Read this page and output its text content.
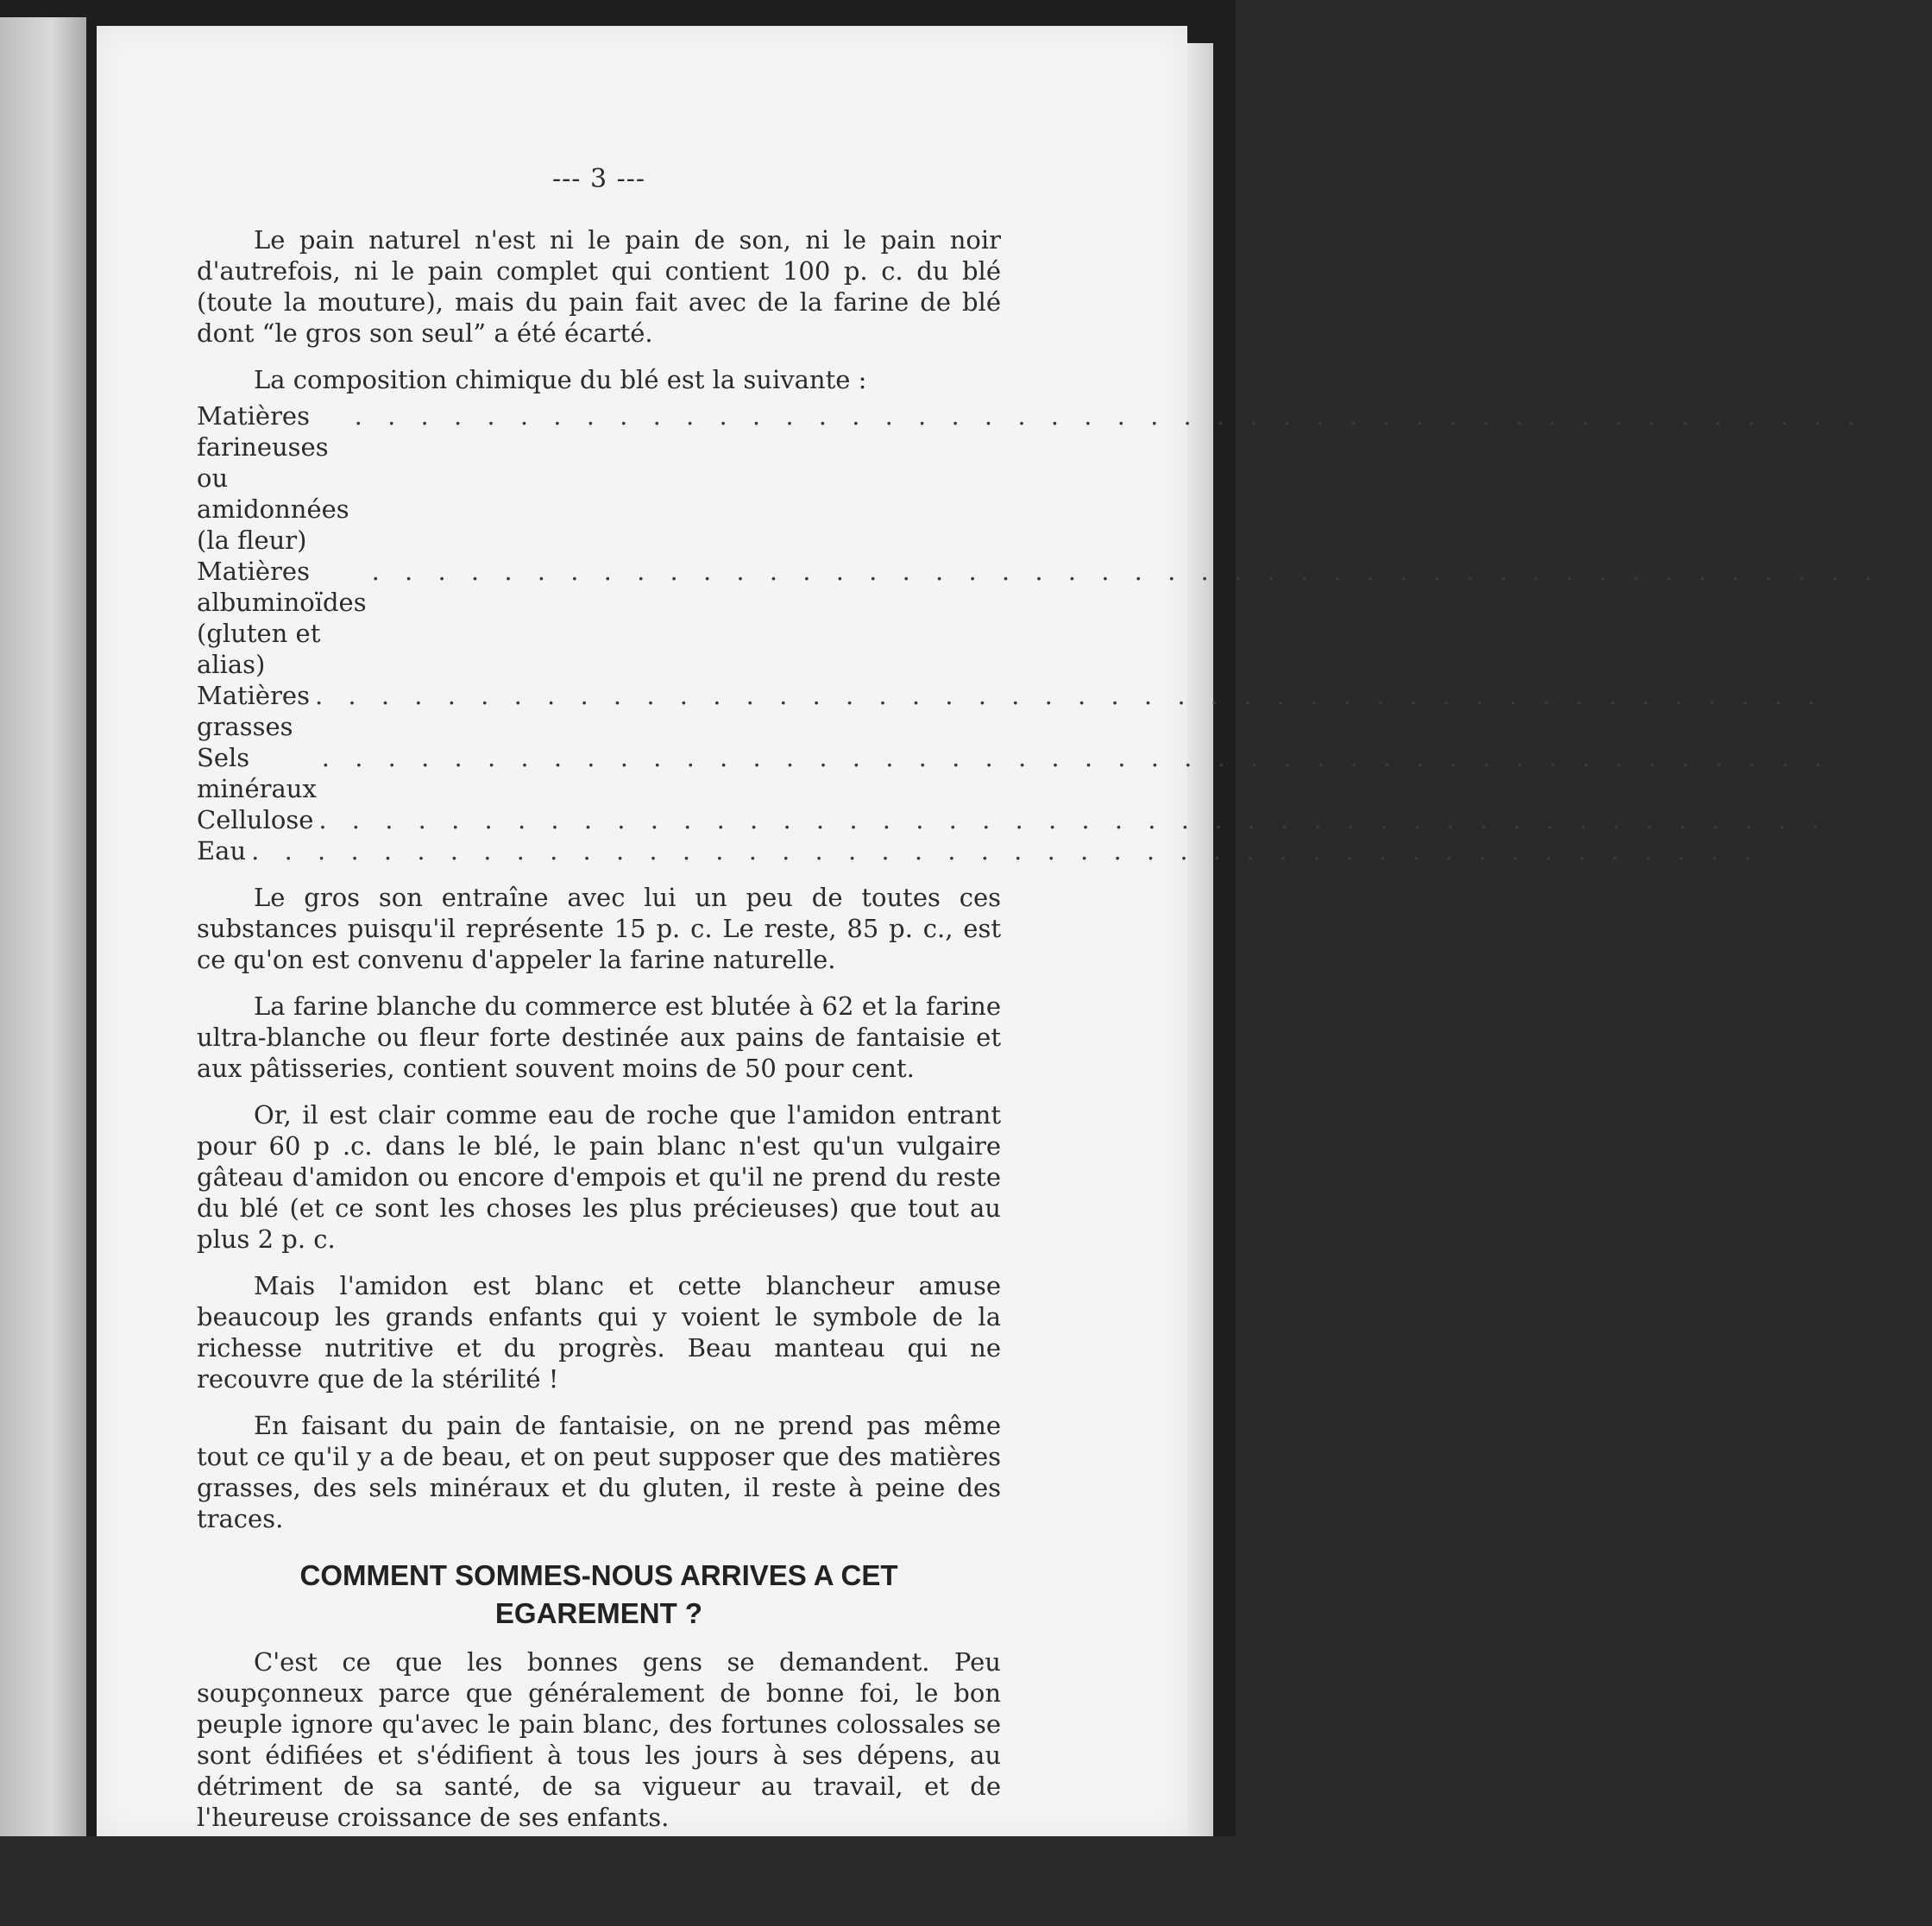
--- 3 ---

Le pain naturel n'est ni le pain de son, ni le pain noir d'autrefois, ni le pain complet qui contient 100 p. c. du blé (toute la mouture), mais du pain fait avec de la farine de blé dont “le gros son seul” a été écarté.

La composition chimique du blé est la suivante :

Matières farineuses ou amidonnées (la fleur)
. . . . . . . . . . . . . . . . . . . . . . . . . . . . . . . . . . . . . . . . . . . . . . 60
Matières albuminoïdes (gluten et alias)
. . . . . . . . . . . . . . . . . . . . . . . . . . . . . . . . . . . . . . . . . . . . . . 16
Matières grasses
. . . . . . . . . . . . . . . . . . . . . . . . . . . . . . . . . . . . . . . . . . . . . .	2
Sels minéraux
. . . . . . . . . . . . . . . . . . . . . . . . . . . . . . . . . . . . . . . . . . . . . .	2
Cellulose . . . . . . . . . . . . . . . . . . . . . . . . . . . . . . . . . . . . . . . . . . . . . .	2
Eau . . . . . . . . . . . . . . . . . . . . . . . . . . . . . . . . . . . . . . . . . . . . . . 18

Le gros son entraîne avec lui un peu de toutes ces substances puisqu'il représente 15 p. c. Le reste, 85 p. c., est ce qu'on est convenu d'appeler la farine naturelle.

La farine blanche du commerce est blutée à 62 et la farine ultra-blanche ou fleur forte destinée aux pains de fantaisie et aux pâtisseries, contient souvent moins de 50 pour cent.

Or, il est clair comme eau de roche que l'amidon entrant pour 60 p .c. dans le blé, le pain blanc n'est qu'un vulgaire gâteau d'amidon ou encore d'empois et qu'il ne prend du reste du blé (et ce sont les choses les plus précieuses) que tout au plus 2 p. c.

Mais l'amidon est blanc et cette blancheur amuse beaucoup les grands enfants qui y voient le symbole de la richesse nutritive et du progrès. Beau manteau qui ne recouvre que de la stérilité !

En faisant du pain de fantaisie, on ne prend pas même tout ce qu'il y a de beau, et on peut supposer que des matières grasses, des sels minéraux et du gluten, il reste à peine des traces.

COMMENT SOMMES-NOUS ARRIVES A CET
EGAREMENT ?

C'est ce que les bonnes gens se demandent. Peu soupçonneux parce que généralement de bonne foi, le bon peuple ignore qu'avec le pain blanc, des fortunes colossales se sont édifiées et s'édifient à tous les jours à ses dépens, au détriment de sa santé, de sa vigueur au travail, et de l'heureuse croissance de ses enfants.

Voyons un peu ce qui pousse le gros meunier à cultiver en serre chaude le préjugé du beau pain blanc.
